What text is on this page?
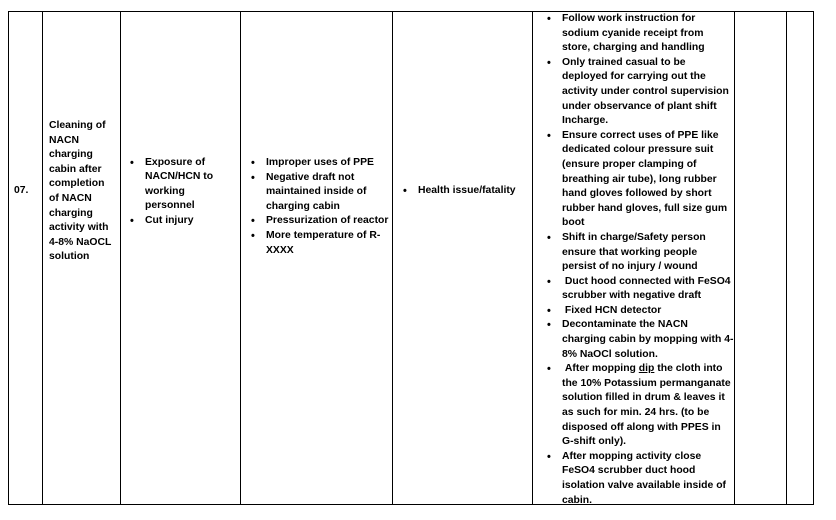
07.
Cleaning of NACN charging cabin after completion of NACN charging activity with 4-8% NaOCL solution
• Exposure of NACN/HCN to working personnel
• Cut injury
• Improper uses of PPE
• Negative draft not maintained inside of charging cabin
• Pressurization of reactor
• More temperature of R-XXXX
• Health issue/fatality
• Follow work instruction for sodium cyanide receipt from store, charging and handling
• Only trained casual to be deployed for carrying out the activity under control supervision under observance of plant shift Incharge.
• Ensure correct uses of PPE like dedicated colour pressure suit (ensure proper clamping of breathing air tube), long rubber hand gloves followed by short rubber hand gloves, full size gum boot
• Shift in charge/Safety person ensure that working people persist of no injury / wound
•  Duct hood connected with FeSO4 scrubber with negative draft
•  Fixed HCN detector
• Decontaminate the NACN charging cabin by mopping with 4-8% NaOCl solution.
•  After mopping dip the cloth into the 10% Potassium permanganate solution filled in drum & leaves it as such for min. 24 hrs. (to be disposed off along with PPES in G-shift only).
• After mopping activity close FeSO4 scrubber duct hood isolation valve available inside of cabin.
